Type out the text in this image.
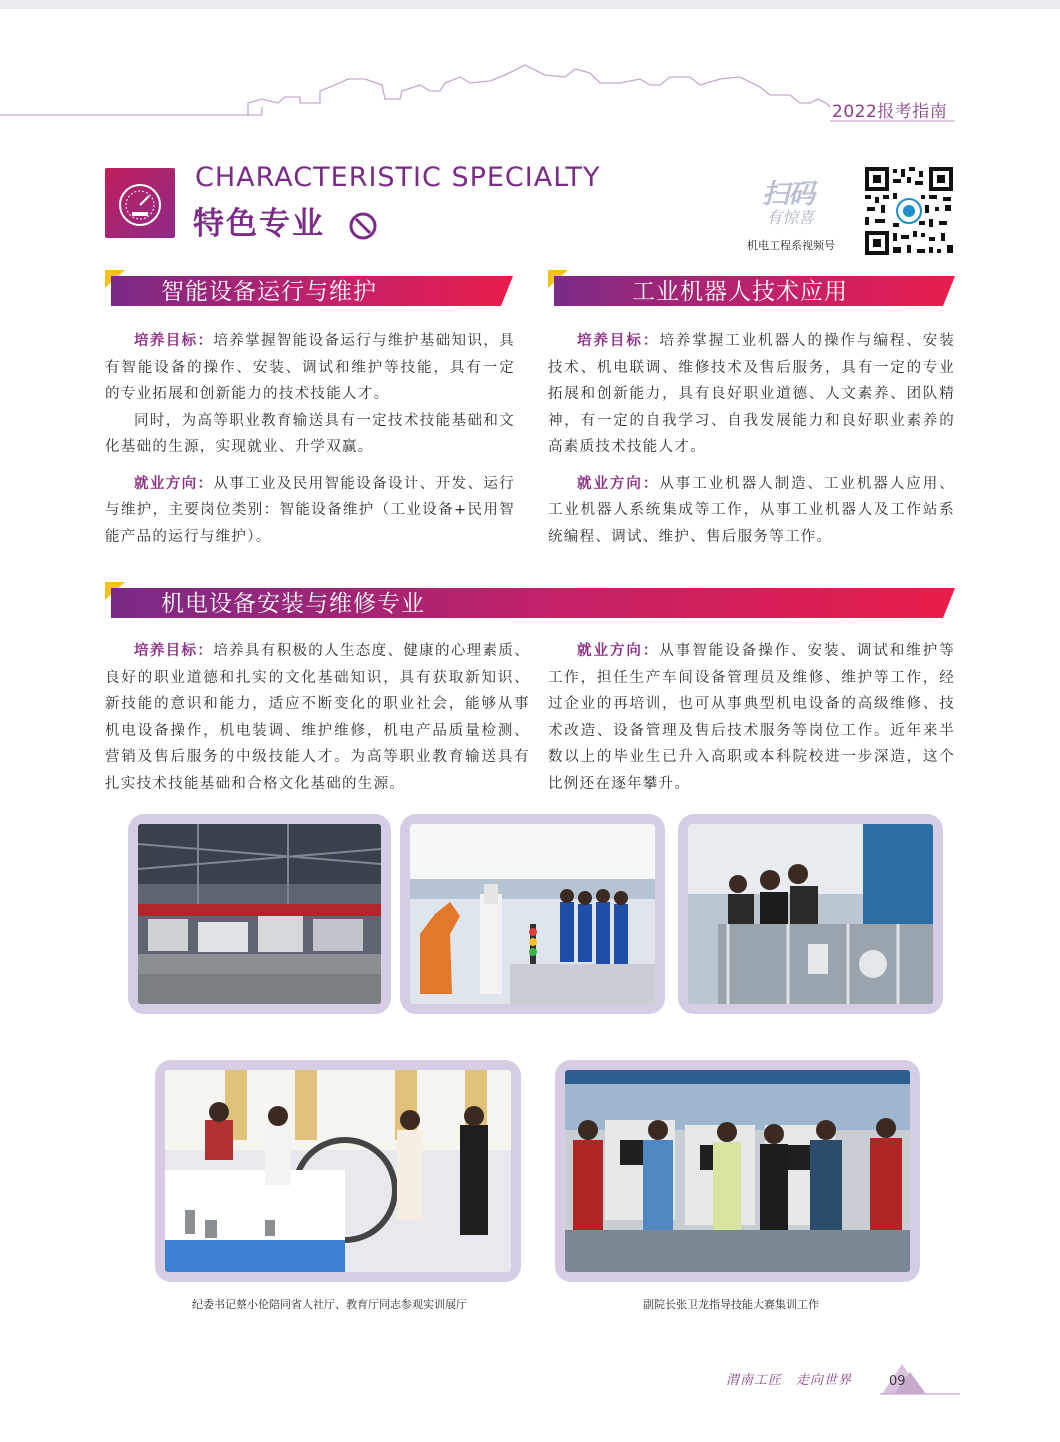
2022报考指南
CHARACTERISTIC SPECIALTY
特色专业
扫码
有惊喜
机电工程系视频号
智能设备运行与维护	工业机器人技术应用

培养目标：培养掌握智能设备运行与维护基础知识，具有智能设备的操作、安装、调试和维护等技能，具有一定的专业拓展和创新能力的技术技能人才。

同时，为高等职业教育输送具有一定技术技能基础和文化基础的生源，实现就业、升学双赢。

就业方向：从事工业及民用智能设备设计、开发、运行与维护，主要岗位类别：智能设备维护（工业设备+民用智能产品的运行与维护）。

培养目标：培养掌握工业机器人的操作与编程、安装技术、机电联调、维修技术及售后服务，具有一定的专业拓展和创新能力，具有良好职业道德、人文素养、团队精神，有一定的自我学习、自我发展能力和良好职业素养的高素质技术技能人才。

就业方向：从事工业机器人制造、工业机器人应用、工业机器人系统集成等工作，从事工业机器人及工作站系统编程、调试、维护、售后服务等工作。

机电设备安装与维修专业

培养目标：培养具有积极的人生态度、健康的心理素质、良好的职业道德和扎实的文化基础知识，具有获取新知识、新技能的意识和能力，适应不断变化的职业社会，能够从事机电设备操作，机电装调、维护维修，机电产品质量检测、营销及售后服务的中级技能人才。为高等职业教育输送具有扎实技术技能基础和合格文化基础的生源。

就业方向：从事智能设备操作、安装、调试和维护等工作，担任生产车间设备管理员及维修、维护等工作，经过企业的再培训，也可从事典型机电设备的高级维修、技术改造、设备管理及售后技术服务等岗位工作。近年来半数以上的毕业生已升入高职或本科院校进一步深造，这个比例还在逐年攀升。

纪委书记蔡小伦陪同省人社厅、教育厅同志参观实训展厅	副院长张卫龙指导技能大赛集训工作
渭南工匠　走向世界	09
